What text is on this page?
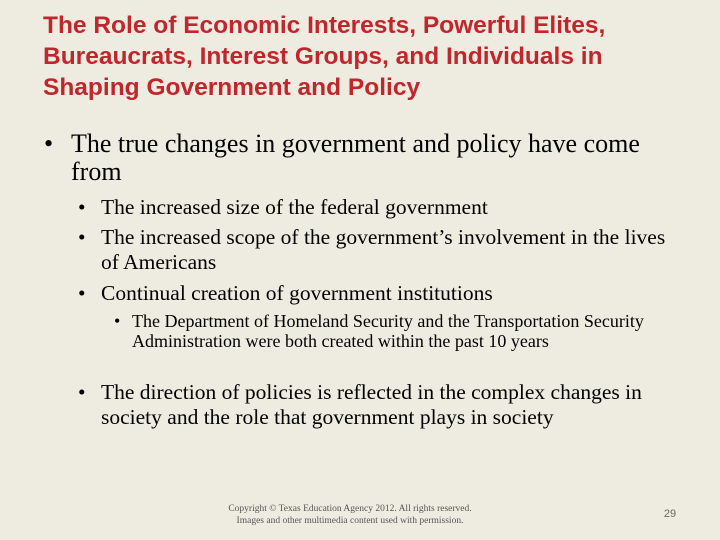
The Role of Economic Interests, Powerful Elites, Bureaucrats, Interest Groups, and Individuals in Shaping Government and Policy
• The true changes in government and policy have come from
• The increased size of the federal government
• The increased scope of the government’s involvement in the lives of Americans
• Continual creation of government institutions
• The Department of Homeland Security and the Transportation Security Administration were both created within the past 10 years
• The direction of policies is reflected in the complex changes in society and the role that government plays in society
Copyright © Texas Education Agency 2012. All rights reserved.
Images and other multimedia content used with permission.
29
